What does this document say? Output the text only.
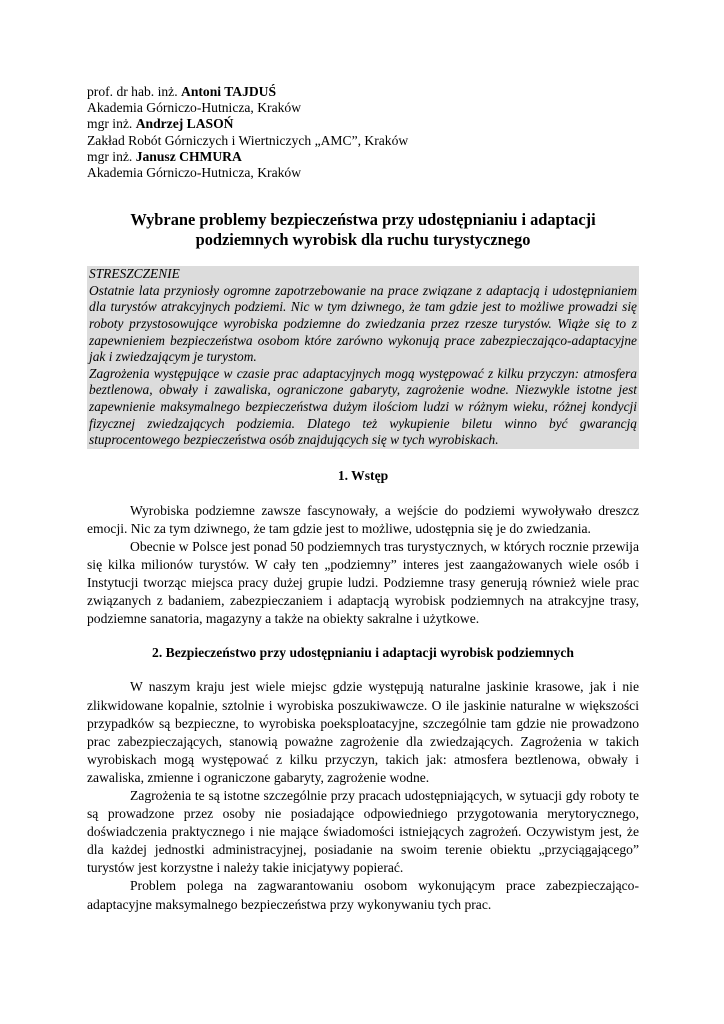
prof. dr hab. inż. Antoni TAJDUŚ
Akademia Górniczo-Hutnicza, Kraków
mgr inż. Andrzej LASOŃ
Zakład Robót Górniczych i Wiertniczych „AMC”, Kraków
mgr inż. Janusz CHMURA
Akademia Górniczo-Hutnicza, Kraków
Wybrane problemy bezpieczeństwa przy udostępnianiu i adaptacji
podziemnych wyrobisk dla ruchu turystycznego
STRESZCZENIE

Ostatnie lata przyniosły ogromne zapotrzebowanie na prace związane z adaptacją i udostępnianiem dla turystów atrakcyjnych podziemi. Nic w tym dziwnego, że tam gdzie jest to możliwe prowadzi się roboty przystosowujące wyrobiska podziemne do zwiedzania przez rzesze turystów. Wiąże się to z zapewnieniem bezpieczeństwa osobom które zarówno wykonują prace zabezpieczająco-adaptacyjne jak i zwiedzającym je turystom.

Zagrożenia występujące w czasie prac adaptacyjnych mogą występować z kilku przyczyn: atmosfera beztlenowa, obwały i zawaliska, ograniczone gabaryty, zagrożenie wodne. Niezwykle istotne jest zapewnienie maksymalnego bezpieczeństwa dużym ilościom ludzi w różnym wieku, różnej kondycji fizycznej zwiedzających podziemia. Dlatego też wykupienie biletu winno być gwarancją stuprocentowego bezpieczeństwa osób znajdujących się w tych wyrobiskach.

1. Wstęp

Wyrobiska podziemne zawsze fascynowały, a wejście do podziemi wywoływało dreszcz emocji. Nic za tym dziwnego, że tam gdzie jest to możliwe, udostępnia się je do zwiedzania.

Obecnie w Polsce jest ponad 50 podziemnych tras turystycznych, w których rocznie przewija się kilka milionów turystów. W cały ten „podziemny” interes jest zaangażowanych wiele osób i Instytucji tworząc miejsca pracy dużej grupie ludzi. Podziemne trasy generują również wiele prac związanych z badaniem, zabezpieczaniem i adaptacją wyrobisk podziemnych na atrakcyjne trasy, podziemne sanatoria, magazyny a także na obiekty sakralne i użytkowe.

2. Bezpieczeństwo przy udostępnianiu i adaptacji wyrobisk podziemnych

W naszym kraju jest wiele miejsc gdzie występują naturalne jaskinie krasowe, jak i nie zlikwidowane kopalnie, sztolnie i wyrobiska poszukiwawcze. O ile jaskinie naturalne w większości przypadków są bezpieczne, to wyrobiska poeksploatacyjne, szczególnie tam gdzie nie prowadzono prac zabezpieczających, stanowią poważne zagrożenie dla zwiedzających. Zagrożenia w takich wyrobiskach mogą występować z kilku przyczyn, takich jak: atmosfera beztlenowa, obwały i zawaliska, zmienne i ograniczone gabaryty, zagrożenie wodne.

Zagrożenia te są istotne szczególnie przy pracach udostępniających, w sytuacji gdy roboty te są prowadzone przez osoby nie posiadające odpowiedniego przygotowania merytorycznego, doświadczenia praktycznego i nie mające świadomości istniejących zagrożeń. Oczywistym jest, że dla każdej jednostki administracyjnej, posiadanie na swoim terenie obiektu „przyciągającego” turystów jest korzystne i należy takie inicjatywy popierać.

Problem polega na zagwarantowaniu osobom wykonującym prace zabezpieczająco-adaptacyjne maksymalnego bezpieczeństwa przy wykonywaniu tych prac.
